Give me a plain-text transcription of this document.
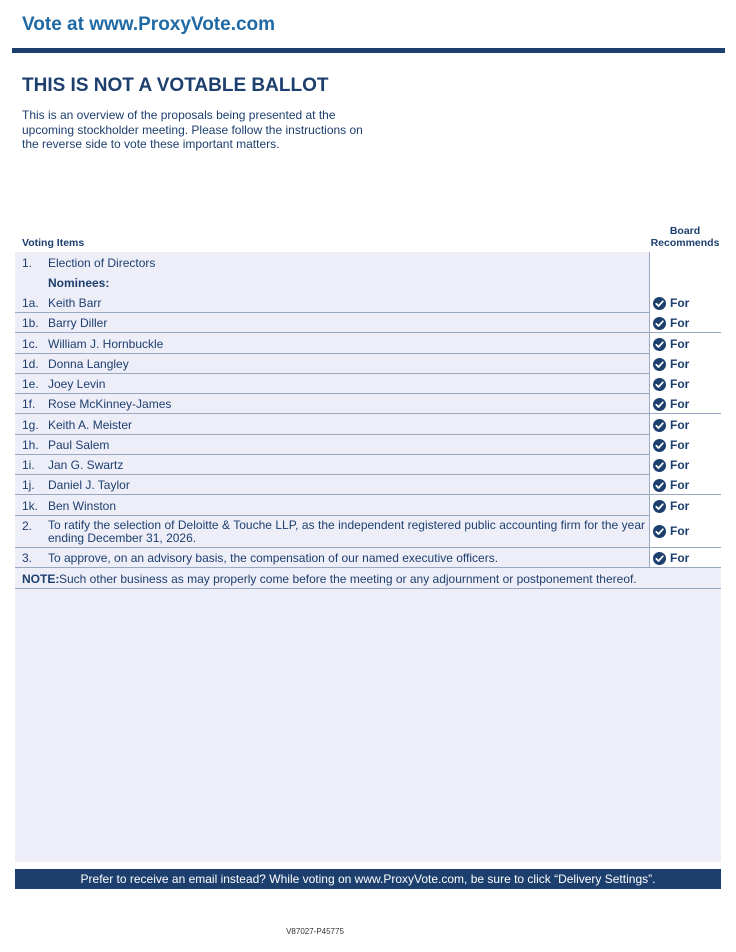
Vote at www.ProxyVote.com
THIS IS NOT A VOTABLE BALLOT
This is an overview of the proposals being presented at the upcoming stockholder meeting. Please follow the instructions on the reverse side to vote these important matters.
Voting Items
Board
Recommends
1. Election of Directors
Nominees:
1a. Keith Barr	For
1b. Barry Diller	For
1c. William J. Hornbuckle	For
1d. Donna Langley	For
1e. Joey Levin	For
1f. Rose McKinney-James	For
1g. Keith A. Meister	For
1h. Paul Salem	For
1i. Jan G. Swartz	For
1j. Daniel J. Taylor	For
1k. Ben Winston	For
2. To ratify the selection of Deloitte & Touche LLP, as the independent registered public accounting firm for the year ending December 31, 2026.	For
3. To approve, on an advisory basis, the compensation of our named executive officers.	For
NOTE: Such other business as may properly come before the meeting or any adjournment or postponement thereof.
Prefer to receive an email instead? While voting on www.ProxyVote.com, be sure to click “Delivery Settings”.
V87027-P45775
